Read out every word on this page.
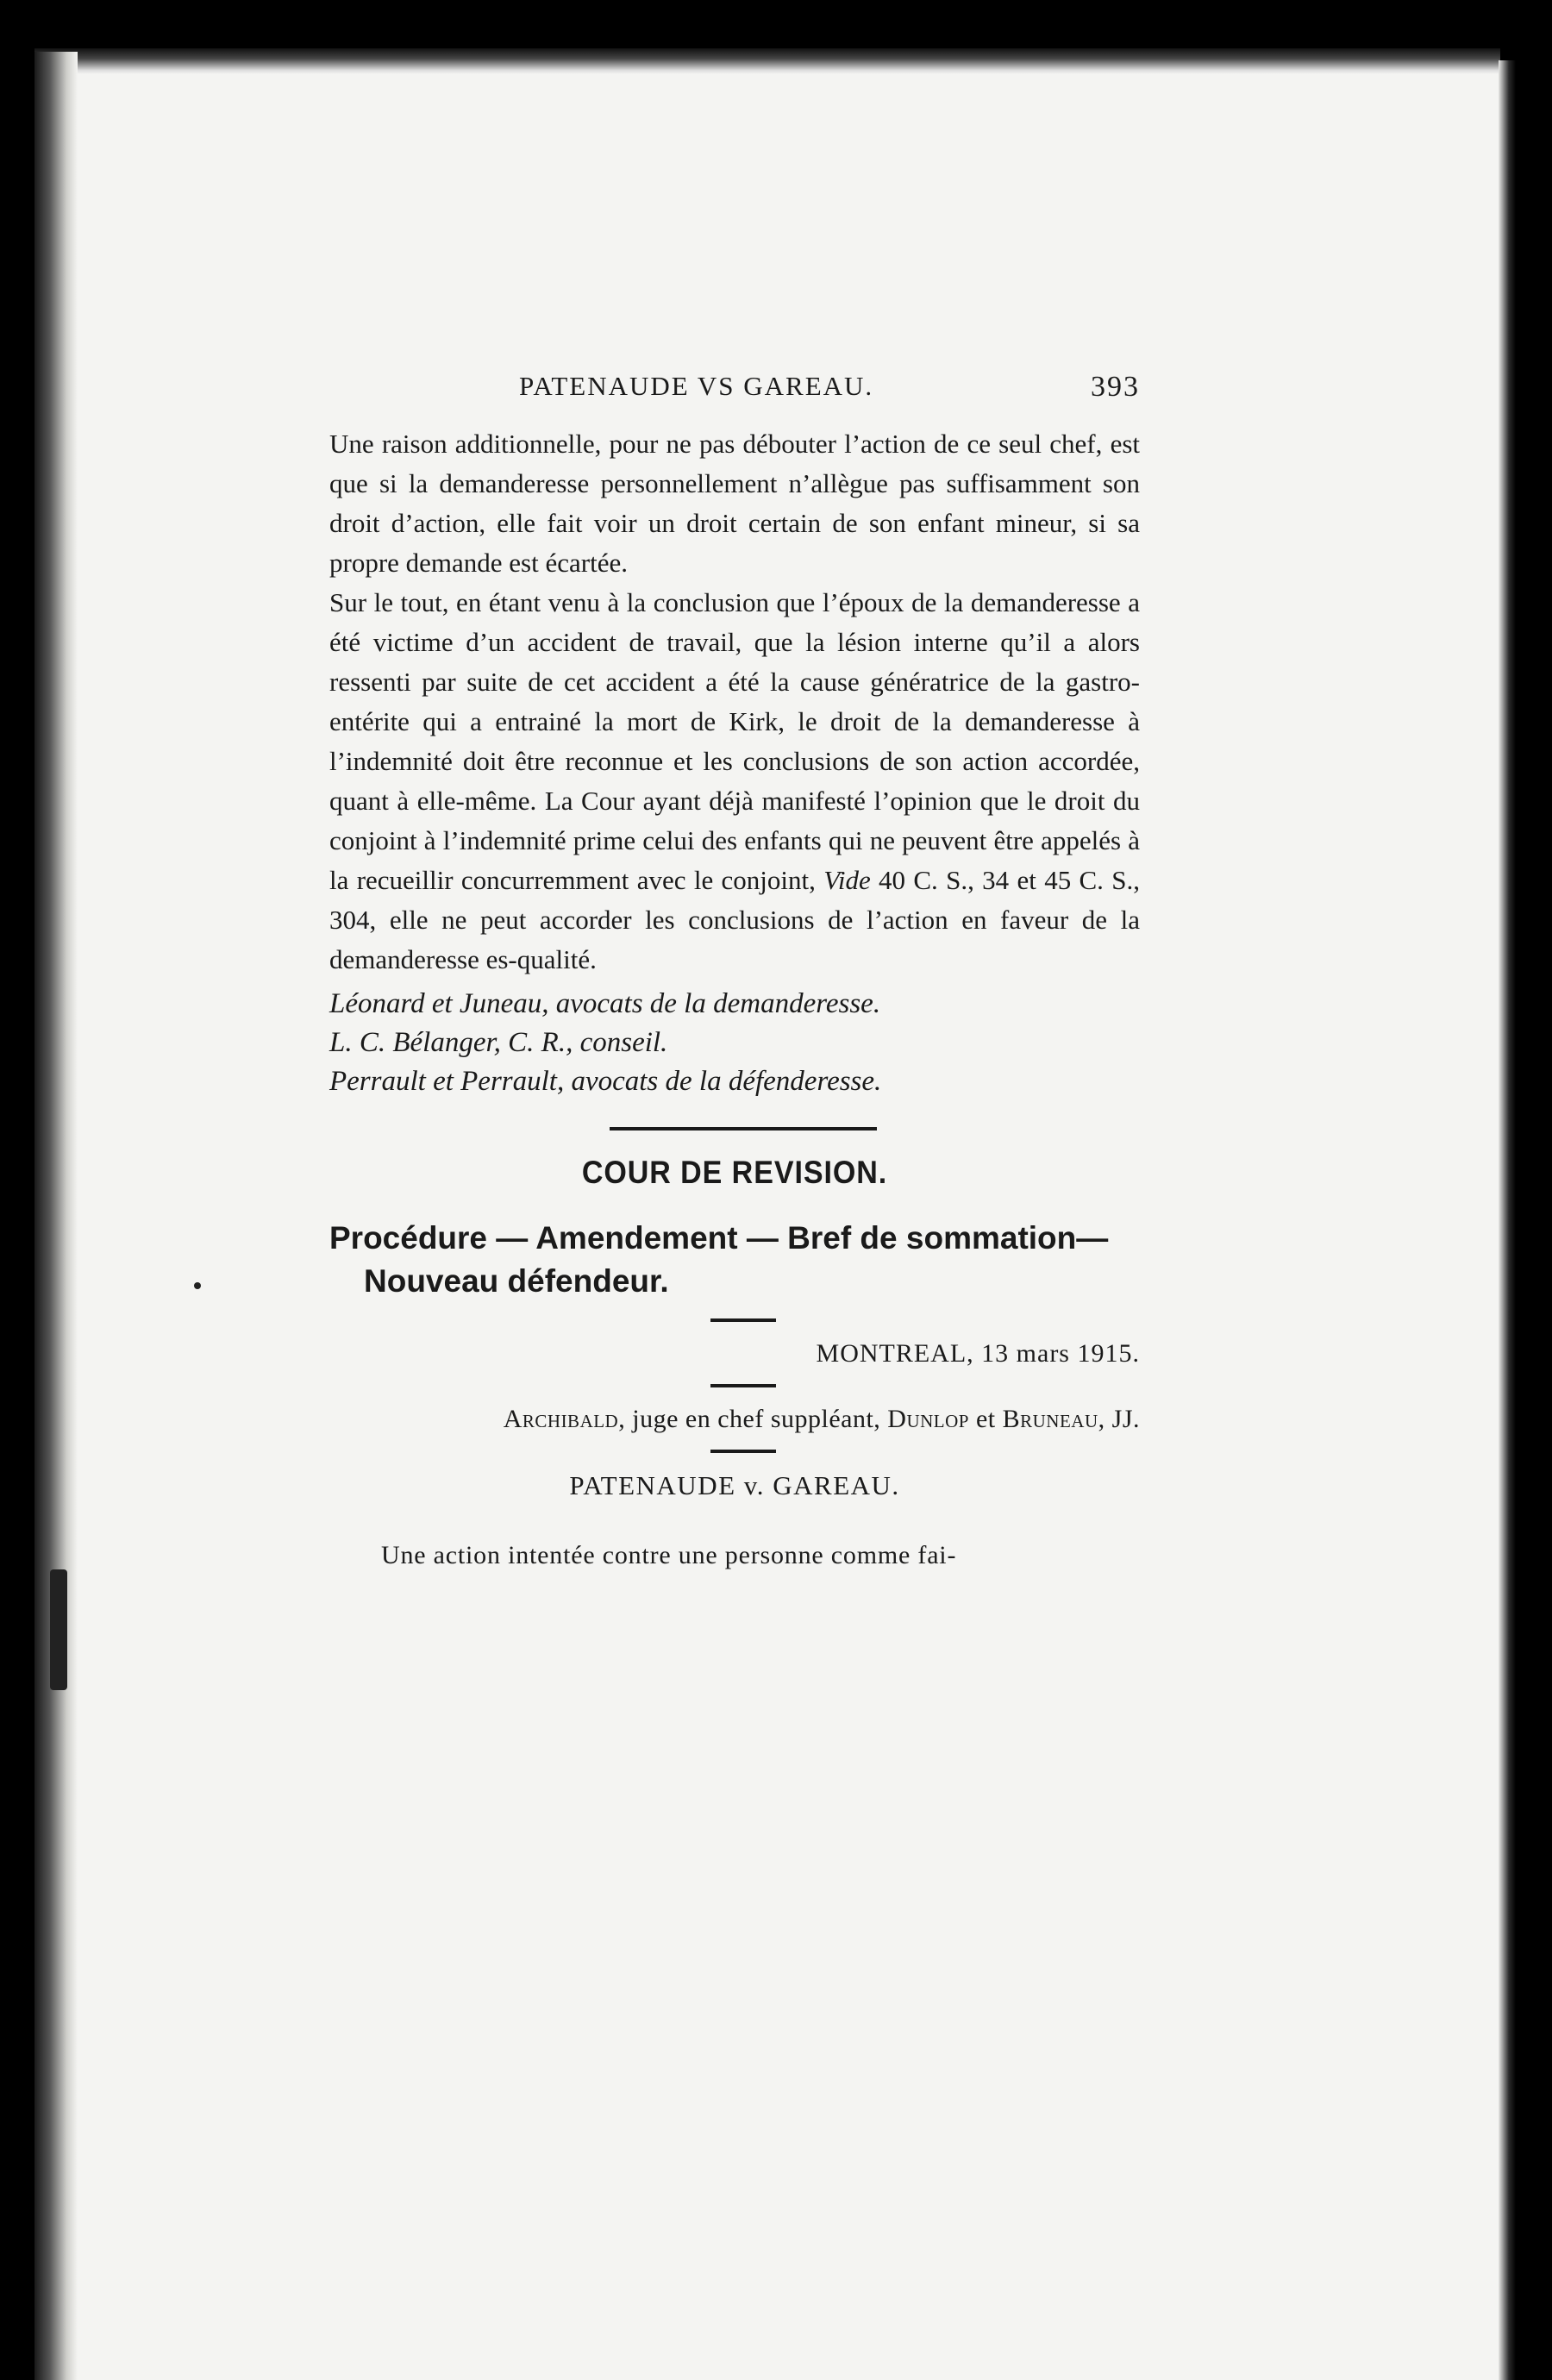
PATENAUDE VS GAREAU.	393

Une raison additionnelle, pour ne pas débouter l’action de ce seul chef, est que si la demanderesse personnellement n’allègue pas suffisamment son droit d’action, elle fait voir un droit certain de son enfant mineur, si sa propre demande est écartée.

Sur le tout, en étant venu à la conclusion que l’époux de la demanderesse a été victime d’un accident de travail, que la lésion interne qu’il a alors ressenti par suite de cet accident a été la cause génératrice de la gastro-entérite qui a entrainé la mort de Kirk, le droit de la demanderesse à l’indemnité doit être reconnue et les conclusions de son action accordée, quant à elle-même. La Cour ayant déjà manifesté l’opinion que le droit du conjoint à l’indemnité prime celui des enfants qui ne peuvent être appelés à la recueillir concurremment avec le conjoint, Vide 40 C. S., 34 et 45 C. S., 304, elle ne peut accorder les conclusions de l’action en faveur de la demanderesse es-qualité.

Léonard et Juneau, avocats de la demanderesse.
L. C. Bélanger, C. R., conseil.
Perrault et Perrault, avocats de la défenderesse.
COUR DE REVISION.
Procédure — Amendement — Bref de sommation—
Nouveau défendeur.
MONTREAL, 13 mars 1915.
Archibald, juge en chef suppléant, Dunlop et Bruneau, JJ.
PATENAUDE v. GAREAU.
Une action intentée contre une personne comme fai-
